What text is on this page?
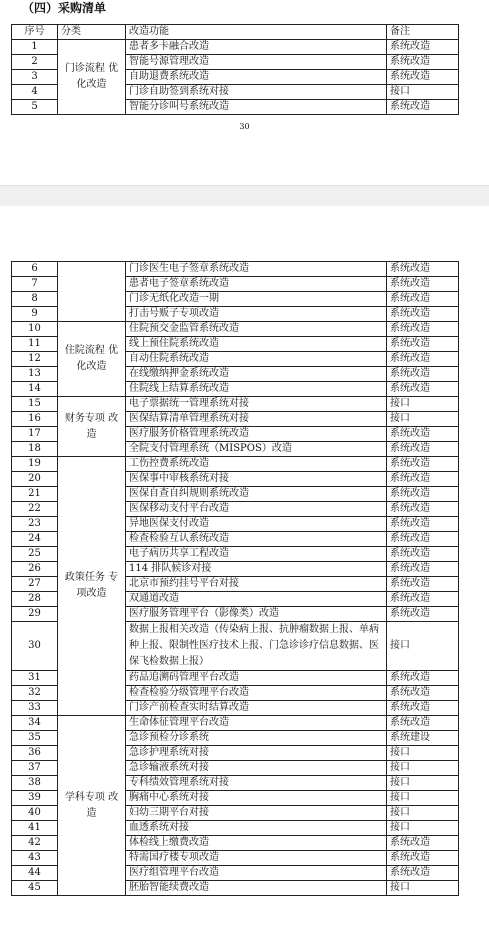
（四）采购清单
序号	分类	改造功能	备注
1	门诊流程 优化改造	患者多卡融合改造	系统改造
2		智能号源管理改造	系统改造
3		自助退费系统改造	系统改造
4		门诊自助签到系统对接	接口
5		智能分诊叫号系统改造	系统改造
30
6		门诊医生电子签章系统改造	系统改造
7		患者电子签章系统改造	系统改造
8		门诊无纸化改造一期	系统改造
9		打击号贩子专项改造	系统改造
10	住院流程 优化改造	住院预交金监管系统改造	系统改造
11		线上预住院系统改造	系统改造
12		自动住院系统改造	系统改造
13		在线缴纳押金系统改造	系统改造
14		住院线上结算系统改造	系统改造
15	财务专项 改造	电子票据统一管理系统对接	接口
16		医保结算清单管理系统对接	接口
17		医疗服务价格管理系统改造	系统改造
18		全院支付管理系统（MISPOS）改造	系统改造
19	政策任务 专项改造	工伤控费系统改造	系统改造
20		医保事中审核系统对接	系统改造
21		医保自查自纠规则系统改造	系统改造
22		医保移动支付平台改造	系统改造
23		异地医保支付改造	系统改造
24		检查检验互认系统改造	系统改造
25		电子病历共享工程改造	系统改造
26		114 排队候诊对接	系统改造
27		北京市预约挂号平台对接	系统改造
28		双通道改造	系统改造
29		医疗服务管理平台（影像类）改造	系统改造
30		数据上报相关改造（传染病上报、抗肿瘤数据上报、单病种上报、限制性医疗技术上报、门急诊诊疗信息数据、医保飞检数据上报）	接口
31		药品追溯码管理平台改造	系统改造
32		检查检验分级管理平台改造	系统改造
33		门诊产前检查实时结算改造	系统改造
34	学科专项 改造	生命体征管理平台改造	系统改造
35		急诊预检分诊系统	系统建设
36		急诊护理系统对接	接口
37		急诊输液系统对接	接口
38		专科绩效管理系统对接	接口
39		胸痛中心系统对接	接口
40		妇幼三期平台对接	接口
41		血透系统对接	接口
42		体检线上缴费改造	系统改造
43		特需国疗楼专项改造	系统改造
44		医疗组管理平台改造	系统改造
45		胚胎智能续费改造	接口
